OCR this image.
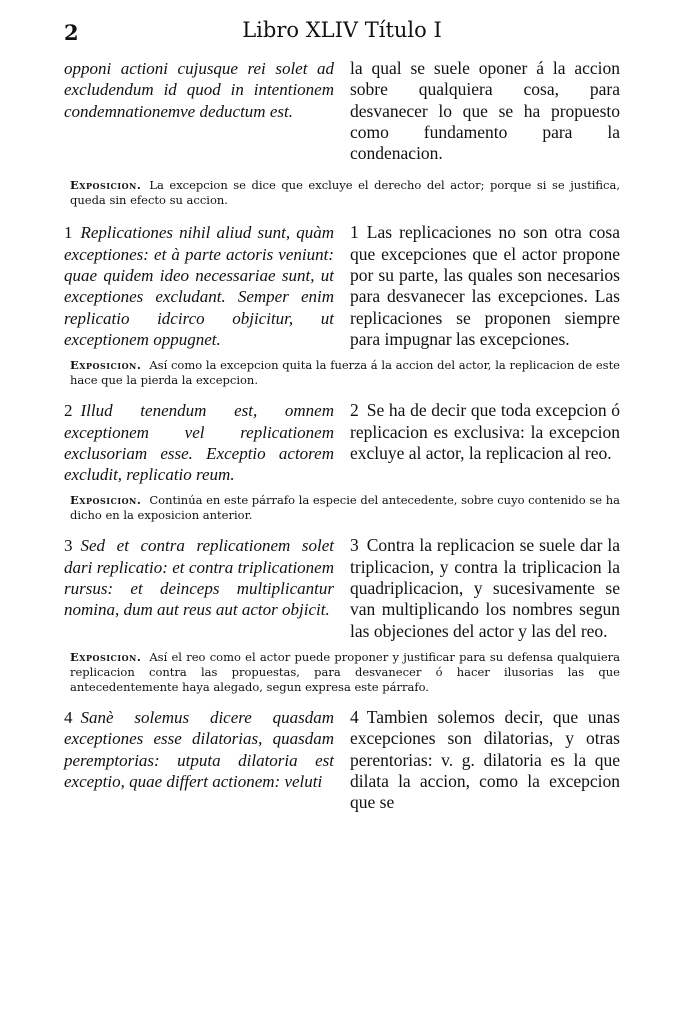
2	Libro XLIV Título I
opponi actioni cujusque rei solet ad excludendum id quod in intentionem condemnationemve deductum est.
la qual se suele oponer á la accion sobre qualquiera cosa, para desvanecer lo que se ha propuesto como fundamento para la condenacion.
Exposicion. La excepcion se dice que excluye el derecho del actor; porque si se justifica, queda sin efecto su accion.
1 Replicationes nihil aliud sunt, quàm exceptiones: et à parte actoris veniunt: quae quidem ideo necessariae sunt, ut exceptiones excludant. Semper enim replicatio idcirco objicitur, ut exceptionem oppugnet.
1 Las replicaciones no son otra cosa que excepciones que el actor propone por su parte, las quales son necesarios para desvanecer las excepciones. Las replicaciones se proponen siempre para impugnar las excepciones.
Exposicion. Así como la excepcion quita la fuerza á la accion del actor, la replicacion de este hace que la pierda la excepcion.
2 Illud tenendum est, omnem exceptionem vel replicationem exclusoriam esse. Exceptio actorem excludit, replicatio reum.
2 Se ha de decir que toda excepcion ó replicacion es exclusiva: la excepcion excluye al actor, la replicacion al reo.
Exposicion. Continúa en este párrafo la especie del antecedente, sobre cuyo contenido se ha dicho en la exposicion anterior.
3 Sed et contra replicationem solet dari replicatio: et contra triplicationem rursus: et deinceps multiplicantur nomina, dum aut reus aut actor objicit.
3 Contra la replicacion se suele dar la triplicacion, y contra la triplicacion la quadriplicacion, y sucesivamente se van multiplicando los nombres segun las objeciones del actor y las del reo.
Exposicion. Así el reo como el actor puede proponer y justificar para su defensa qualquiera replicacion contra las propuestas, para desvanecer ó hacer ilusorias las que antecedentemente haya alegado, segun expresa este párrafo.
4 Sanè solemus dicere quasdam exceptiones esse dilatorias, quasdam peremptorias: utputa dilatoria est exceptio, quae differt actionem: veluti
4 Tambien solemos decir, que unas excepciones son dilatorias, y otras perentorias: v. g. dilatoria es la que dilata la accion, como la excepcion que se
